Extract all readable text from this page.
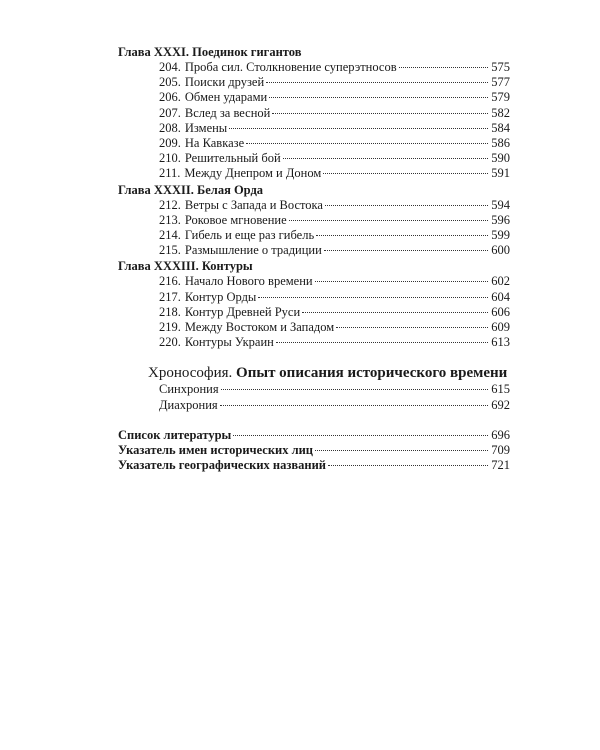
Глава XXXI.
Поединок гигантов
204. Проба сил. Столкновение суперэтносов	575
205. Поиски друзей	577
206. Обмен ударами	579
207. Вслед за весной	582
208. Измены	584
209. На Кавказе	586
210. Решительный бой	590
211. Между Днепром и Доном	591
Глава XXXII.
Белая Орда
212. Ветры с Запада и Востока	594
213. Роковое мгновение	596
214. Гибель и еще раз гибель	599
215. Размышление о традиции	600
Глава XXXIII.
Контуры
216. Начало Нового времени	602
217. Контур Орды	604
218. Контур Древней Руси	606
219. Между Востоком и Западом	609
220. Контуры Украин	613
Хронософия. Опыт описания исторического времени
Синхрония	615
Диахрония	692
Список литературы	696
Указатель имен исторических лиц	709
Указатель географических названий	721
